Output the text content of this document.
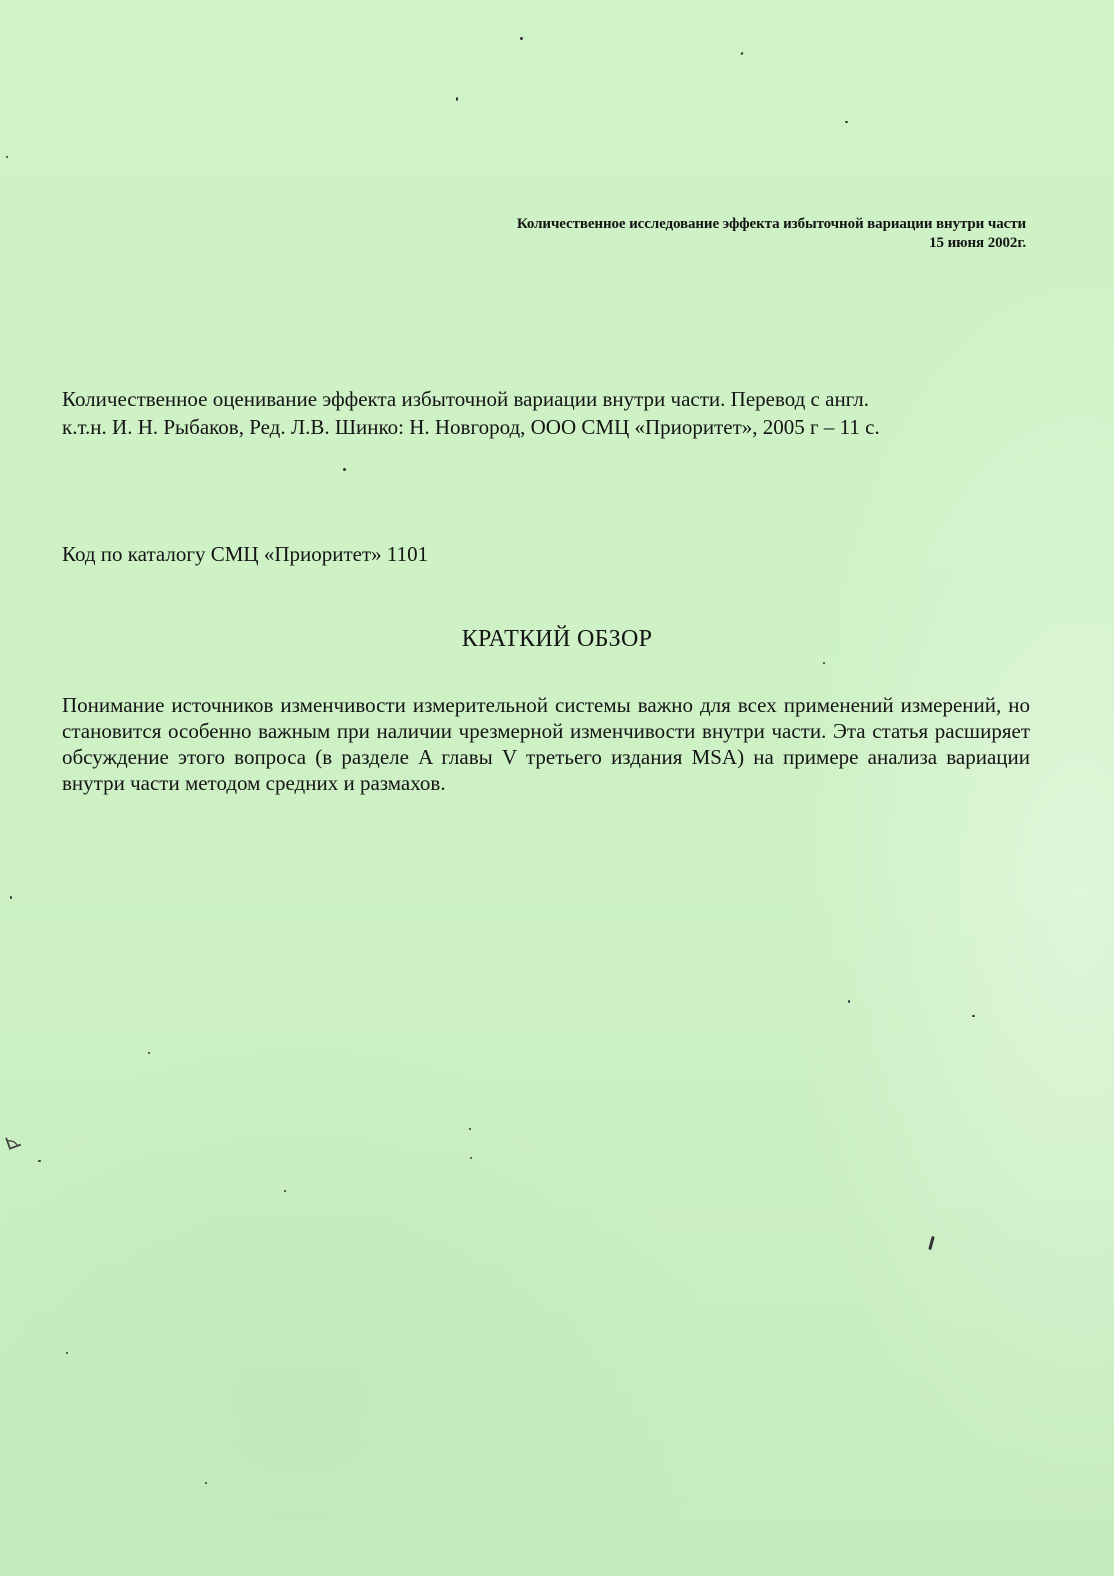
Количественное исследование эффекта избыточной вариации внутри части
15 июня 2002г.
Количественное оценивание эффекта избыточной вариации внутри части. Перевод с англ.
к.т.н. И. Н. Рыбаков, Ред. Л.В. Шинко: Н. Новгород, ООО СМЦ «Приоритет», 2005 г – 11 с.
Код по каталогу СМЦ «Приоритет» 1101
КРАТКИЙ ОБЗОР
Понимание источников изменчивости измерительной системы важно для всех применений измерений, но становится особенно важным при наличии чрезмерной изменчивости внутри части. Эта статья расширяет обсуждение этого вопроса (в разделе A главы V третьего издания MSA) на примере анализа вариации внутри части методом средних и размахов.
⊾
